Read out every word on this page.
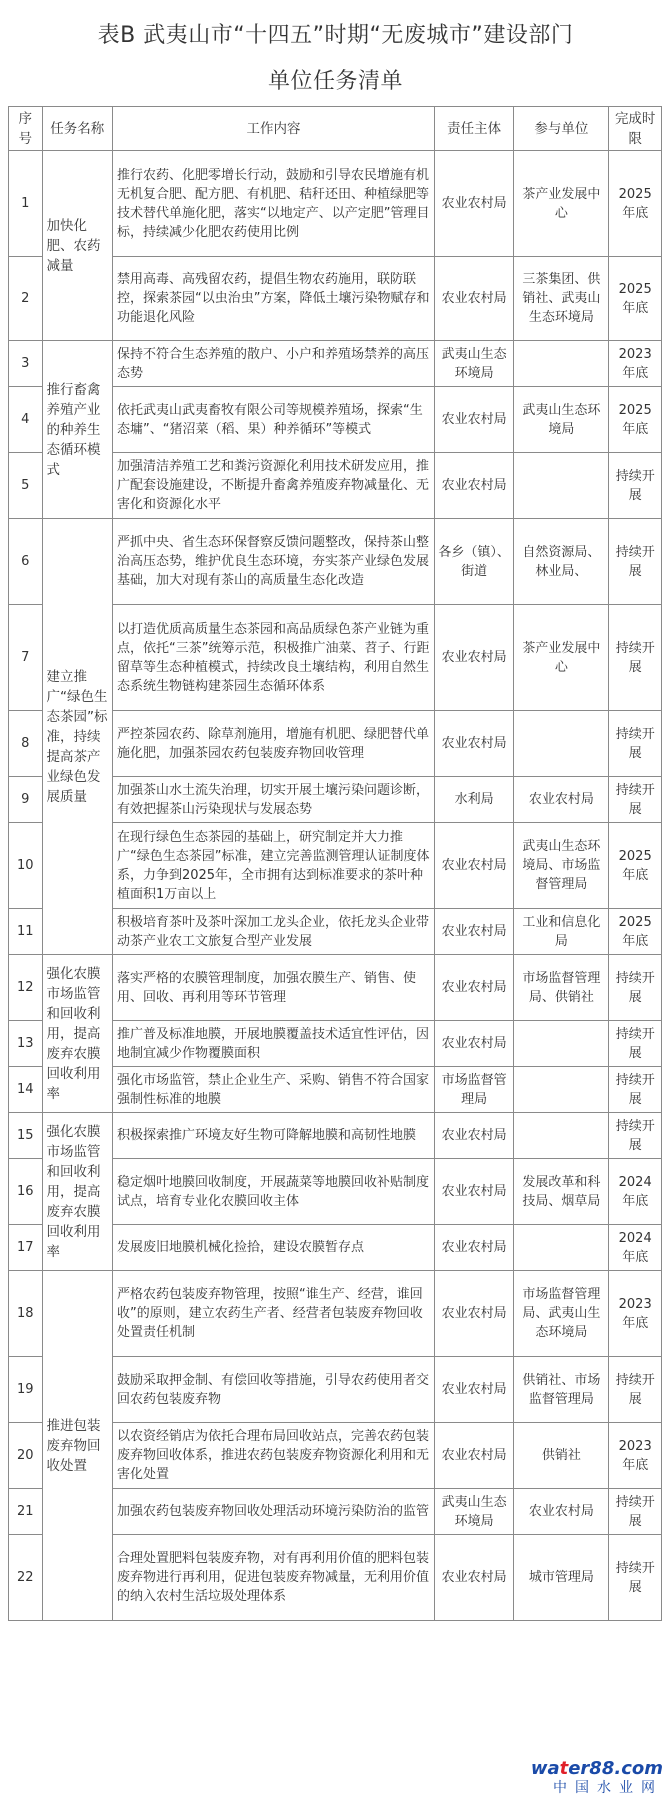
表B 武夷山市“十四五”时期“无废城市”建设部门
单位任务清单
序号	任务名称	工作内容	责任主体	参与单位	完成时限
1	加快化肥、农药减量	推行农药、化肥零增长行动，鼓励和引导农民增施有机无机复合肥、配方肥、有机肥、秸秆还田、种植绿肥等技术替代单施化肥，落实“以地定产、以产定肥”管理目标，持续减少化肥农药使用比例	农业农村局	茶产业发展中心	2025年底
2		禁用高毒、高残留农药，提倡生物农药施用，联防联控，探索茶园“以虫治虫”方案，降低土壤污染物赋存和功能退化风险	农业农村局	三茶集团、供销社、武夷山生态环境局	2025年底
3	推行畜禽养殖产业的种养生态循环模式	保持不符合生态养殖的散户、小户和养殖场禁养的高压态势	武夷山生态环境局		2023年底
4		依托武夷山武夷畜牧有限公司等规模养殖场，探索“生态墉”、“猪沼菜（稻、果）种养循环”等模式	农业农村局	武夷山生态环境局	2025年底
5		加强清洁养殖工艺和粪污资源化利用技术研发应用，推广配套设施建设，不断提升畜禽养殖废弃物减量化、无害化和资源化水平	农业农村局		持续开展
6	建立推广“绿色生态茶园”标准，持续提高茶产业绿色发展质量	严抓中央、省生态环保督察反馈问题整改，保持茶山整治高压态势，维护优良生态环境，夯实茶产业绿色发展基础，加大对现有茶山的高质量生态化改造	各乡（镇）、街道	自然资源局、林业局、	持续开展
7		以打造优质高质量生态茶园和高品质绿色茶产业链为重点，依托“三茶”统筹示范，积极推广油菜、苕子、行距留草等生态种植模式，持续改良土壤结构，利用自然生态系统生物链构建茶园生态循环体系	农业农村局	茶产业发展中心	持续开展
8		严控茶园农药、除草剂施用，增施有机肥、绿肥替代单施化肥，加强茶园农药包装废弃物回收管理	农业农村局		持续开展
9		加强茶山水土流失治理，切实开展土壤污染问题诊断，有效把握茶山污染现状与发展态势	水利局	农业农村局	持续开展
10		在现行绿色生态茶园的基础上，研究制定并大力推广“绿色生态茶园”标准，建立完善监测管理认证制度体系，力争到2025年，全市拥有达到标准要求的茶叶种植面积1万亩以上	农业农村局	武夷山生态环境局、市场监督管理局	2025年底
11		积极培育茶叶及茶叶深加工龙头企业，依托龙头企业带动茶产业农工文旅复合型产业发展	农业农村局	工业和信息化局	2025年底
12	强化农膜市场监管和回收利用，提高废弃农膜回收利用率	落实严格的农膜管理制度，加强农膜生产、销售、使用、回收、再利用等环节管理	农业农村局	市场监督管理局、供销社	持续开展
13		推广普及标准地膜，开展地膜覆盖技术适宜性评估，因地制宜减少作物覆膜面积	农业农村局		持续开展
14		强化市场监管，禁止企业生产、采购、销售不符合国家强制性标准的地膜	市场监督管理局		持续开展
15	强化农膜市场监管和回收利用，提高废弃农膜回收利用率	积极探索推广环境友好生物可降解地膜和高韧性地膜	农业农村局		持续开展
16		稳定烟叶地膜回收制度，开展蔬菜等地膜回收补贴制度试点，培育专业化农膜回收主体	农业农村局	发展改革和科技局、烟草局	2024年底
17		发展废旧地膜机械化捡拾，建设农膜暂存点	农业农村局		2024年底
18	推进包装废弃物回收处置	严格农药包装废弃物管理，按照“谁生产、经营，谁回收”的原则，建立农药生产者、经营者包装废弃物回收处置责任机制	农业农村局	市场监督管理局、武夷山生态环境局	2023年底
19		鼓励采取押金制、有偿回收等措施，引导农药使用者交回农药包装废弃物	农业农村局	供销社、市场监督管理局	持续开展
20		以农资经销店为依托合理布局回收站点，完善农药包装废弃物回收体系，推进农药包装废弃物资源化利用和无害化处置	农业农村局	供销社	2023年底
21		加强农药包装废弃物回收处理活动环境污染防治的监管	武夷山生态环境局	农业农村局	持续开展
22		合理处置肥料包装废弃物，对有再利用价值的肥料包装废弃物进行再利用，促进包装废弃物减量，无利用价值的纳入农村生活垃圾处理体系	农业农村局	城市管理局	持续开展
water88.com
中国水业网
